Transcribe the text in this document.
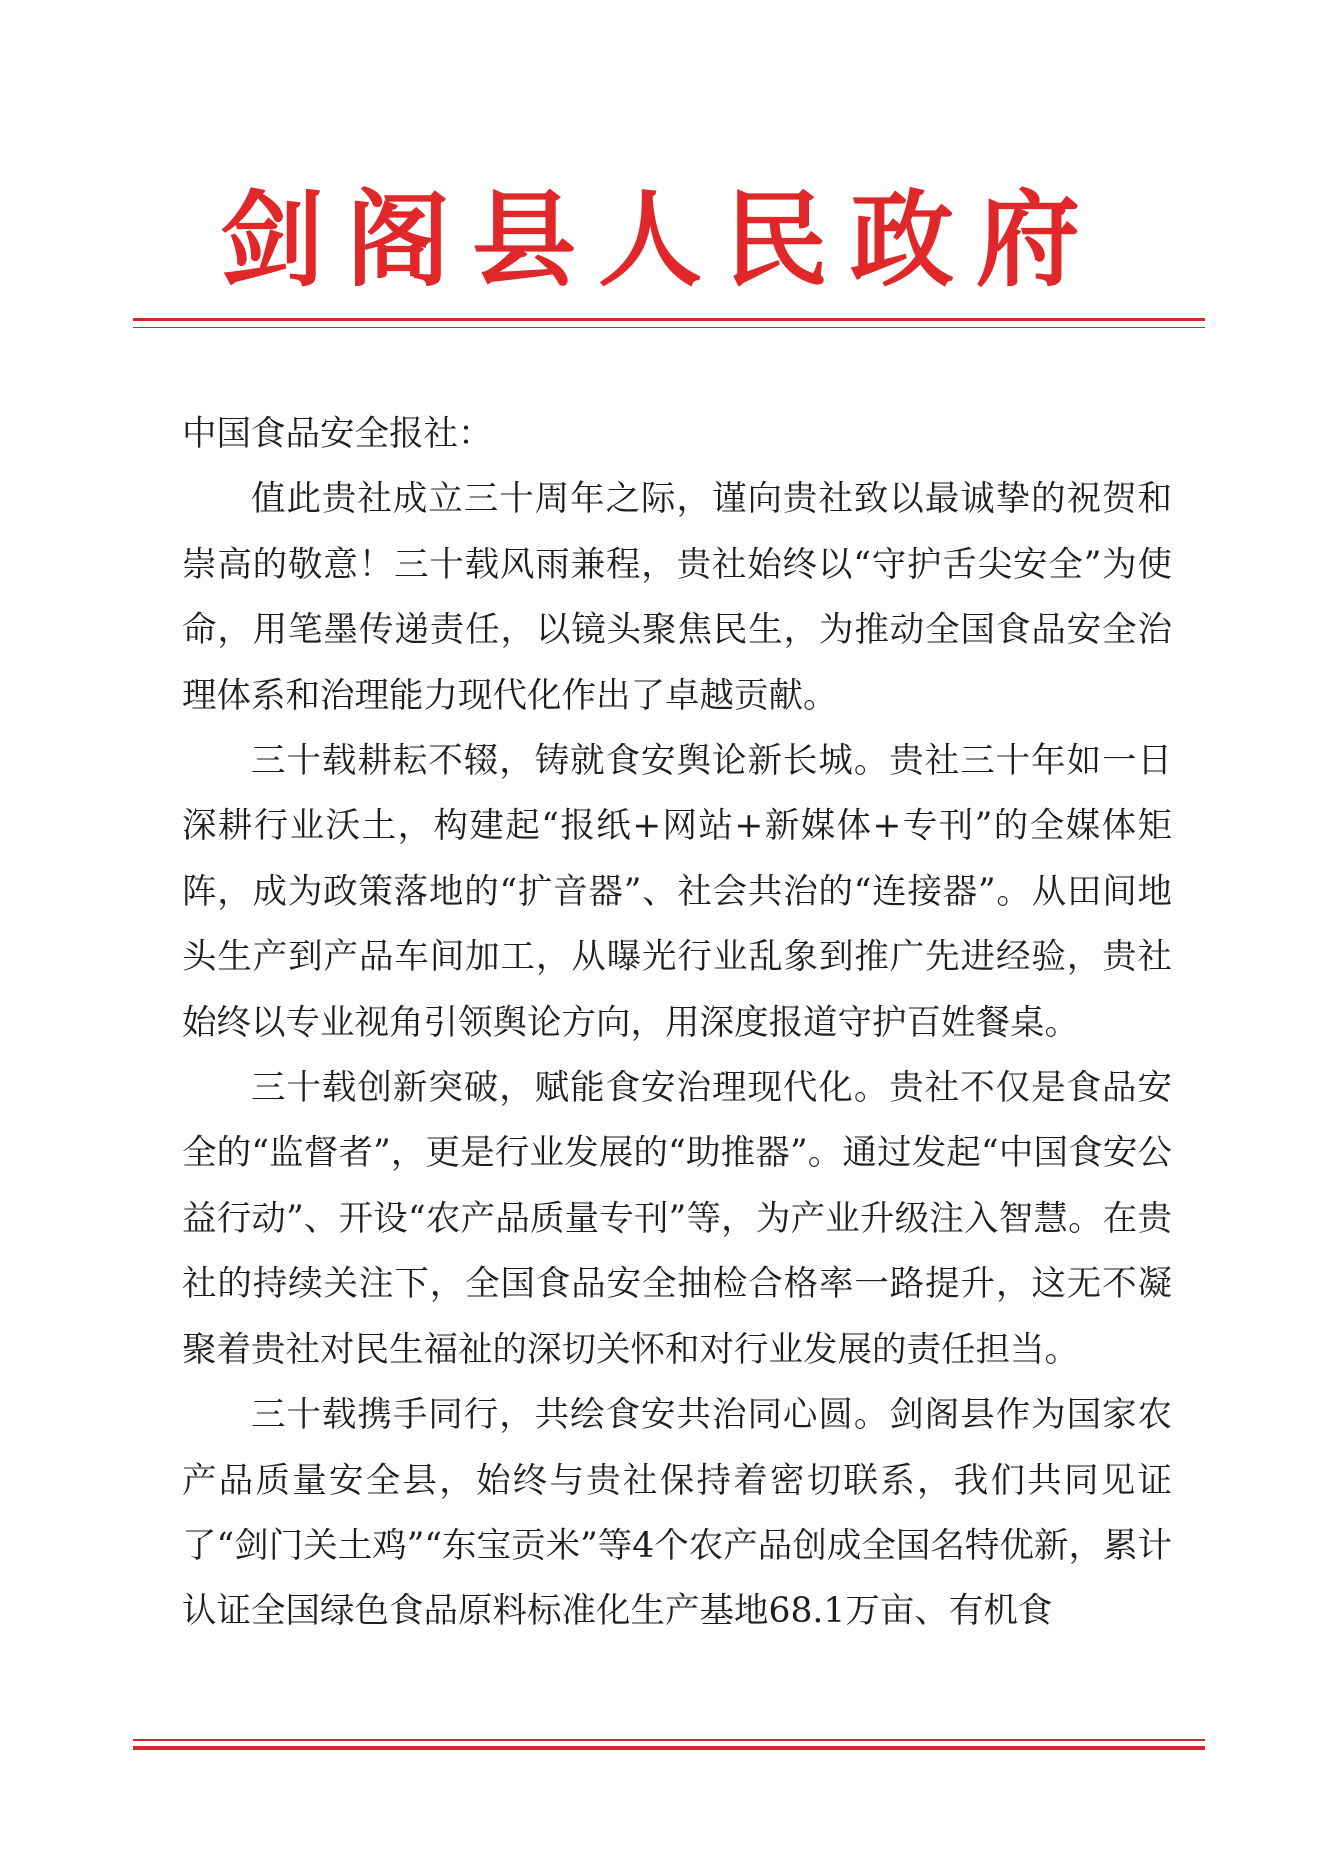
剑阁县人民政府

中国食品安全报社：

值此贵社成立三十周年之际，谨向贵社致以最诚挚的祝贺和崇高的敬意！三十载风雨兼程，贵社始终以“守护舌尖安全”为使命，用笔墨传递责任，以镜头聚焦民生，为推动全国食品安全治理体系和治理能力现代化作出了卓越贡献。

三十载耕耘不辍，铸就食安舆论新长城。贵社三十年如一日深耕行业沃土，构建起“报纸+网站+新媒体+专刊”的全媒体矩阵，成为政策落地的“扩音器”、社会共治的“连接器”。从田间地头生产到产品车间加工，从曝光行业乱象到推广先进经验，贵社始终以专业视角引领舆论方向，用深度报道守护百姓餐桌。

三十载创新突破，赋能食安治理现代化。贵社不仅是食品安全的“监督者”，更是行业发展的“助推器”。通过发起“中国食安公益行动”、开设“农产品质量专刊”等，为产业升级注入智慧。在贵社的持续关注下，全国食品安全抽检合格率一路提升，这无不凝聚着贵社对民生福祉的深切关怀和对行业发展的责任担当。

三十载携手同行，共绘食安共治同心圆。剑阁县作为国家农产品质量安全县，始终与贵社保持着密切联系，我们共同见证了“剑门关土鸡”“东宝贡米”等4个农产品创成全国名特优新，累计认证全国绿色食品原料标准化生产基地68.1万亩、有机食
